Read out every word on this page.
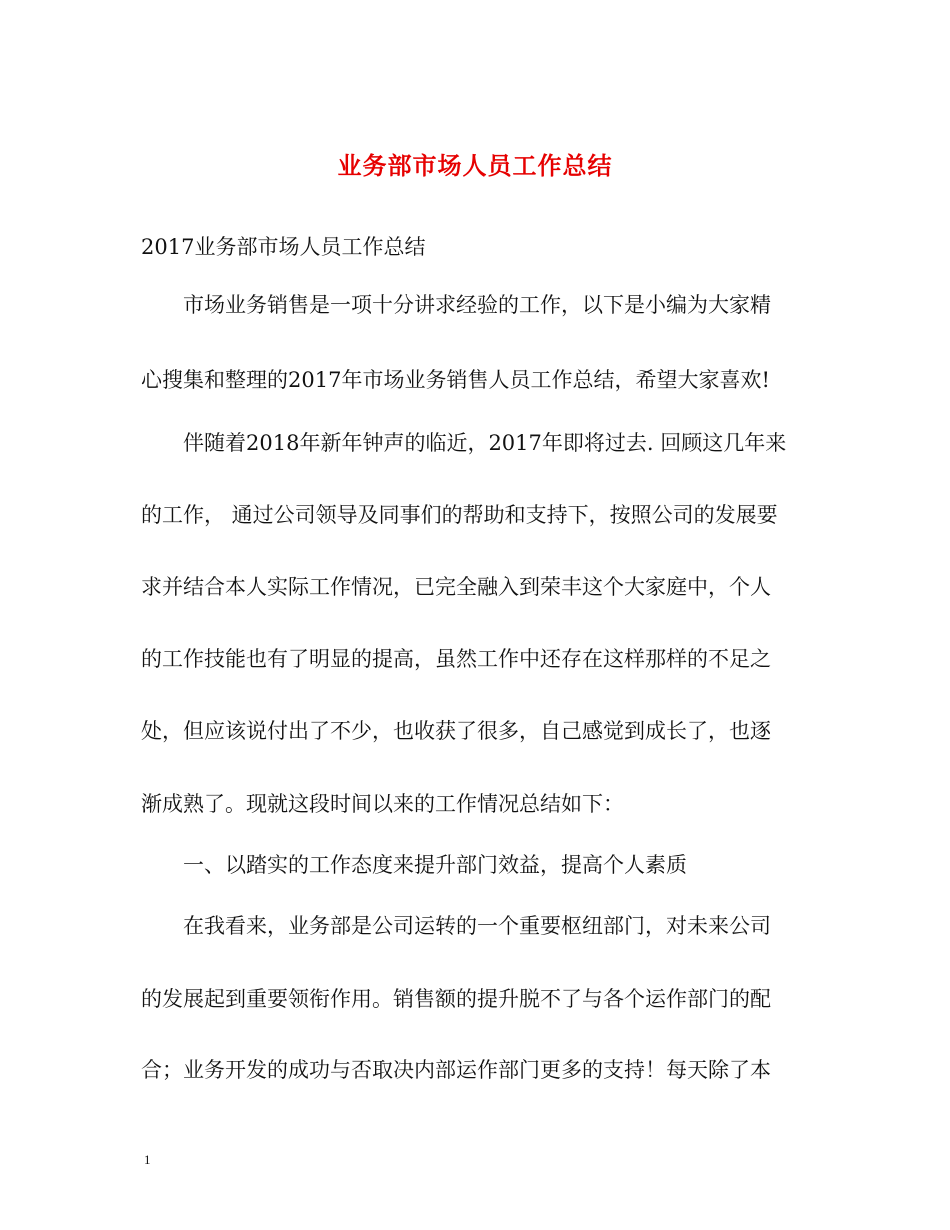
业务部市场人员工作总结
2017业务部市场人员工作总结
市场业务销售是一项十分讲求经验的工作，以下是小编为大家精
心搜集和整理的2017年市场业务销售人员工作总结，希望大家喜欢!
伴随着2018年新年钟声的临近，2017年即将过去. 回顾这几年来
的工作， 通过公司领导及同事们的帮助和支持下，按照公司的发展要
求并结合本人实际工作情况，已完全融入到荣丰这个大家庭中，个人
的工作技能也有了明显的提高，虽然工作中还存在这样那样的不足之
处，但应该说付出了不少，也收获了很多，自己感觉到成长了，也逐
渐成熟了。现就这段时间以来的工作情况总结如下：
一、以踏实的工作态度来提升部门效益，提高个人素质
在我看来，业务部是公司运转的一个重要枢纽部门，对未来公司
的发展起到重要领衔作用。销售额的提升脱不了与各个运作部门的配
合；业务开发的成功与否取决内部运作部门更多的支持！每天除了本
1
